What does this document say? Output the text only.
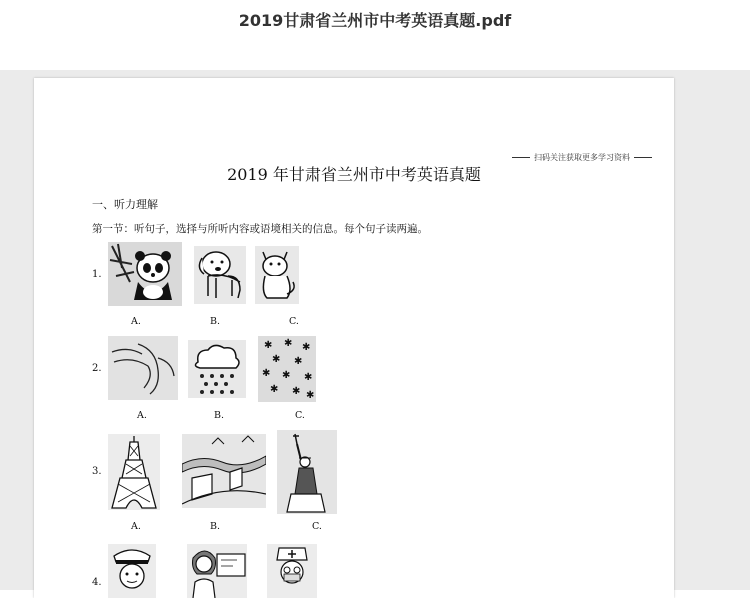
2019甘肃省兰州市中考英语真题.pdf
扫码关注获取更多学习资料
2019 年甘肃省兰州市中考英语真题
一、听力理解
第一节：听句子，选择与所听内容或语境相关的信息。每个句子读两遍。
1.
A.	B.	C.
2.
✱ ✱ ✱
✱ ✱
✱ ✱ ✱
✱ ✱ ✱
A.	B.	C.
3.
A.	B.	C.
4.
